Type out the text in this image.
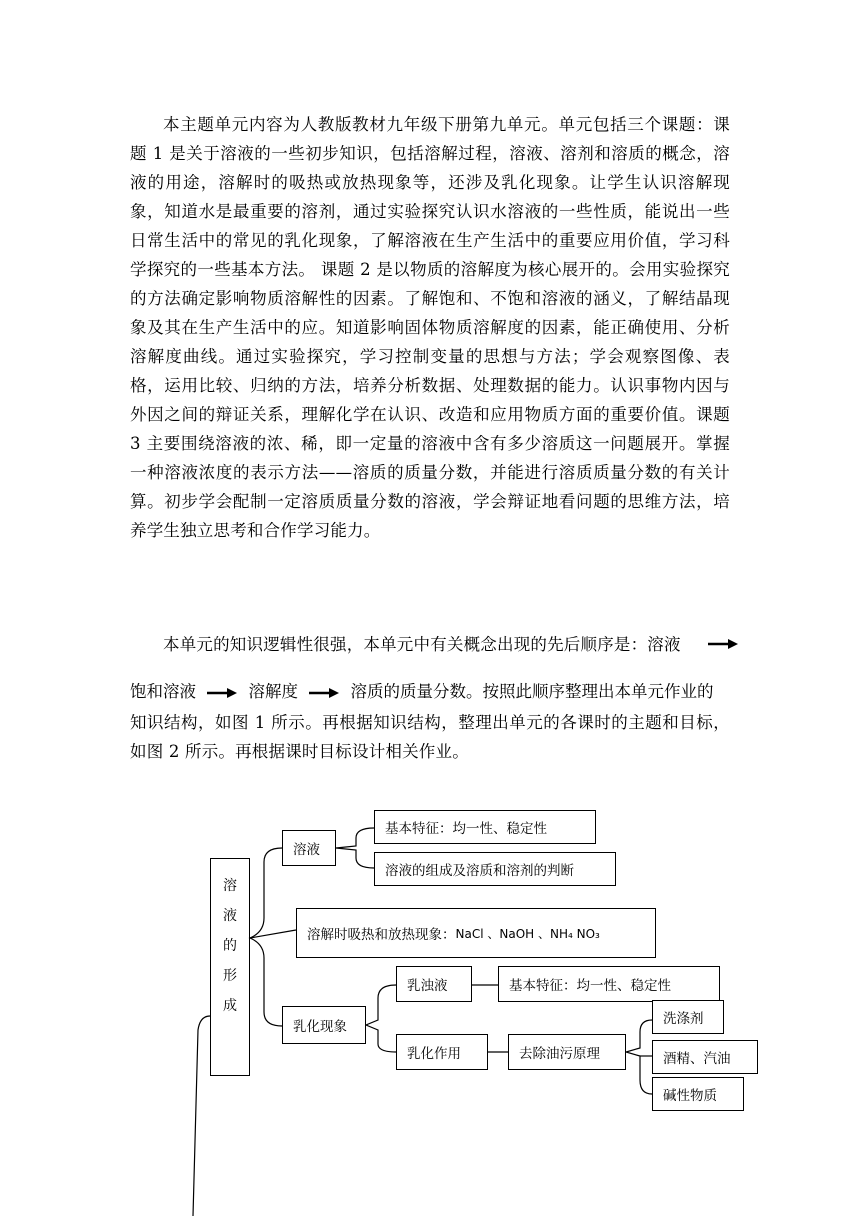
本主题单元内容为人教版教材九年级下册第九单元。单元包括三个课题：课题 1 是关于溶液的一些初步知识，包括溶解过程，溶液、溶剂和溶质的概念，溶液的用途，溶解时的吸热或放热现象等，还涉及乳化现象。让学生认识溶解现象，知道水是最重要的溶剂，通过实验探究认识水溶液的一些性质，能说出一些日常生活中的常见的乳化现象，了解溶液在生产生活中的重要应用价值，学习科学探究的一些基本方法。 课题 2 是以物质的溶解度为核心展开的。会用实验探究的方法确定影响物质溶解性的因素。了解饱和、不饱和溶液的涵义，了解结晶现象及其在生产生活中的应。知道影响固体物质溶解度的因素，能正确使用、分析溶解度曲线。通过实验探究，学习控制变量的思想与方法；学会观察图像、表格，运用比较、归纳的方法，培养分析数据、处理数据的能力。认识事物内因与外因之间的辩证关系，理解化学在认识、改造和应用物质方面的重要价值。课题 3 主要围绕溶液的浓、稀，即一定量的溶液中含有多少溶质这一问题展开。掌握一种溶液浓度的表示方法——溶质的质量分数，并能进行溶质质量分数的有关计算。初步学会配制一定溶质质量分数的溶液，学会辩证地看问题的思维方法，培养学生独立思考和合作学习能力。

本单元的知识逻辑性很强，本单元中有关概念出现的先后顺序是：溶液

饱和溶液	溶解度	溶质的质量分数。按照此顺序整理出本单元作业的

知识结构，如图 1 所示。再根据知识结构，整理出单元的各课时的主题和目标，如图 2 所示。再根据课时目标设计相关作业。

溶
液
的
形
成
溶液
基本特征：均一性、稳定性
溶液的组成及溶质和溶剂的判断
溶解时吸热和放热现象： NaCl 、NaOH 、NH₄ NO₃
乳化现象
乳浊液	基本特征：均一性、稳定性
乳化作用	去除油污原理
洗涤剂
酒精、汽油
碱性物质
